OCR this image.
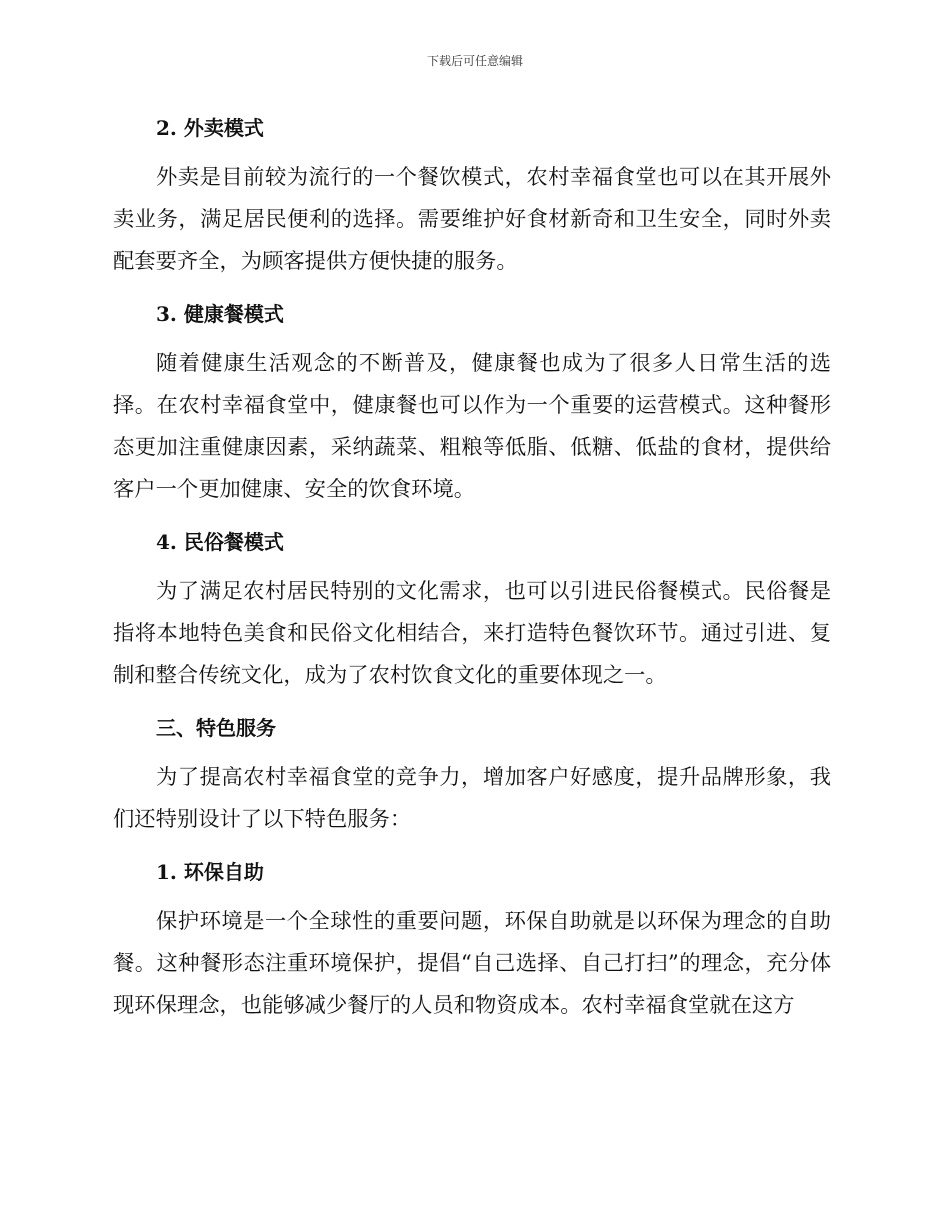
下载后可任意编辑
2. 外卖模式

外卖是目前较为流行的一个餐饮模式，农村幸福食堂也可以在其开展外卖业务，满足居民便利的选择。需要维护好食材新奇和卫生安全，同时外卖配套要齐全，为顾客提供方便快捷的服务。

3. 健康餐模式

随着健康生活观念的不断普及，健康餐也成为了很多人日常生活的选择。在农村幸福食堂中，健康餐也可以作为一个重要的运营模式。这种餐形态更加注重健康因素，采纳蔬菜、粗粮等低脂、低糖、低盐的食材，提供给客户一个更加健康、安全的饮食环境。

4. 民俗餐模式

为了满足农村居民特别的文化需求，也可以引进民俗餐模式。民俗餐是指将本地特色美食和民俗文化相结合，来打造特色餐饮环节。通过引进、复制和整合传统文化，成为了农村饮食文化的重要体现之一。

三、特色服务

为了提高农村幸福食堂的竞争力，增加客户好感度，提升品牌形象，我们还特别设计了以下特色服务：

1. 环保自助

保护环境是一个全球性的重要问题，环保自助就是以环保为理念的自助餐。这种餐形态注重环境保护，提倡“自己选择、自己打扫”的理念，充分体现环保理念，也能够减少餐厅的人员和物资成本。农村幸福食堂就在这方
